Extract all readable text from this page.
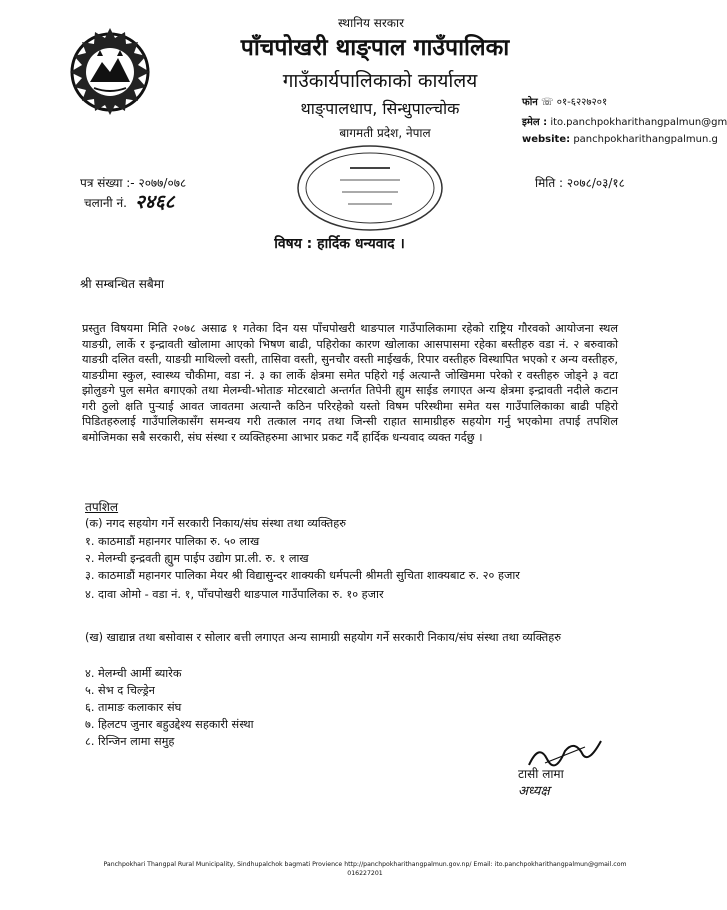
स्थानिय सरकार
पाँचपोखरी थाङ्पाल गाउँपालिका
गाउँकार्यपालिकाको कार्यालय
थाङ्पालधाप, सिन्धुपाल्चोक
बागमती प्रदेश, नेपाल
फोन ☏ ०१-६२२७२०१
इमेल : ito.panchpokharithangpalmun@gm
website: panchpokharithangpalmun.g
पत्र संख्या :- २०७७/०७८
चलानी नं. २४६८
मिति : २०७८/०३/१८
विषय : हार्दिक धन्यवाद ।
श्री सम्बन्धित सबैमा
प्रस्तुत विषयमा मिति २०७८ असाढ १ गतेका दिन यस पाँचपोखरी थाङपाल गाउँपालिकामा रहेको राष्ट्रिय गौरवको आयोजना स्थल याङग्री, लार्के र इन्द्रावती खोलामा आएको भिषण बाढी, पहिरोका कारण खोलाका आसपासमा रहेका बस्तीहरु वडा नं. २ बरुवाको याङग्री दलित वस्ती, याङग्री माथिल्लो वस्ती, तासिवा वस्ती, सुनचौर वस्ती माईखर्क, रिपार वस्तीहरु विस्थापित भएको र अन्य वस्तीहरु, याङग्रीमा स्कुल, स्वास्थ्य चौकीमा, वडा नं. ३ का लार्के क्षेत्रमा समेत पहिरो गई अत्यान्तै जोखिममा परेको र वस्तीहरु जोड्ने ३ वटा झोलुङगे पुल समेत बगाएको तथा मेलम्ची-भोताङ मोटरबाटो अन्तर्गत तिपेनी ह्युम साईड लगाएत अन्य क्षेत्रमा इन्द्रावती नदीले कटान गरी ठुलो क्षति पुऱ्याई आवत जावतमा अत्यान्तै कठिन परिरहेको यस्तो विषम परिस्थीमा समेत यस गाउँपालिकाका बाढी पहिरो पिडितहरुलाई गाउँपालिकासँग समन्वय गरी तत्काल नगद तथा जिन्सी राहात सामाग्रीहरु सहयोग गर्नु भएकोमा तपाई तपशिल बमोजिमका सबै सरकारी, संघ संस्था र व्यक्तिहरुमा आभार प्रकट गर्दै हार्दिक धन्यवाद व्यक्त गर्दछु ।
तपशिल
(क) नगद सहयोग गर्ने सरकारी निकाय/संघ संस्था तथा व्यक्तिहरु
१. काठमाडौं महानगर पालिका रु. ५० लाख
२. मेलम्ची इन्द्रवती ह्युम पाईप उद्योग प्रा.ली. रु. १ लाख
३. काठमाडौं महानगर पालिका मेयर श्री विद्यासुन्दर शाक्यकी धर्मपत्नी श्रीमती सुचिता शाक्यबाट रु. २० हजार
४. दावा ओमो - वडा नं. १, पाँचपोखरी थाङपाल गाउँपालिका रु. १० हजार
(ख) खाद्यान्न तथा बसोवास र सोलार बत्ती लगाएत अन्य सामाग्री सहयोग गर्ने सरकारी निकाय/संघ संस्था तथा व्यक्तिहरु
४. मेलम्ची आर्मी ब्यारेक
५. सेभ द चिल्ड्रेन
६. तामाङ कलाकार संघ
७. हिलटप जुनार बहुउद्देश्य सहकारी संस्था
८. रिन्जिन लामा समुह
टासी लामा
अध्यक्ष
Panchpokhari Thangpal Rural Municipality, Sindhupalchok bagmati Provience http://panchpokharithangpalmun.gov.np/ Email: ito.panchpokharithangpalmun@gmail.com
016227201
